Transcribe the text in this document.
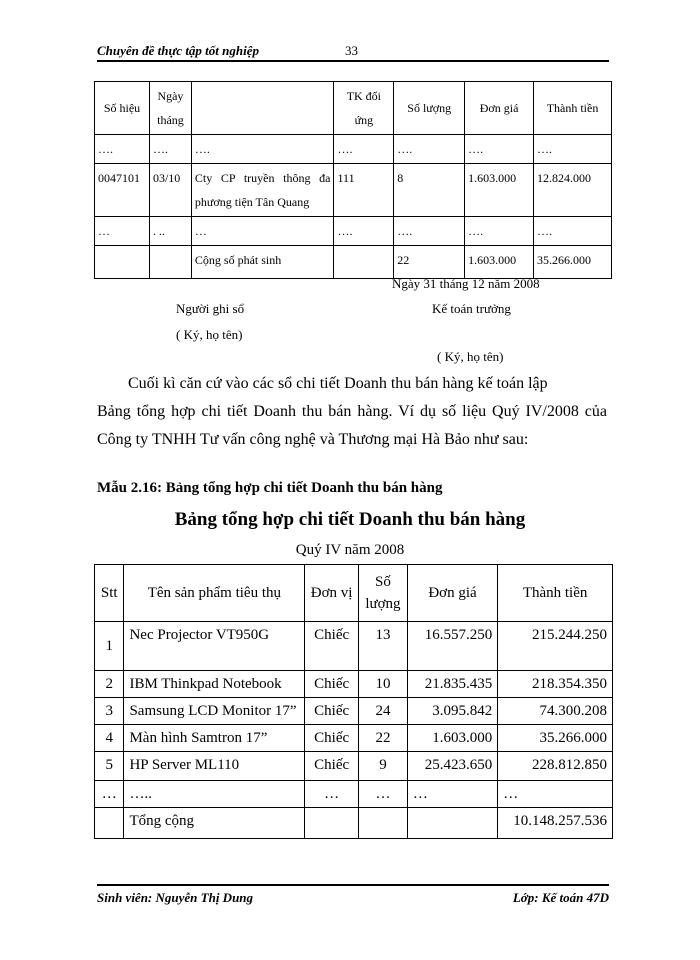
Chuyên đề thực tập tốt nghiệp	33
Số hiệu	Ngày tháng		TK đối ứng	Số lượng	Đơn giá	Thành tiền
….	….	….	….	….	….	….
0047101	03/10	Cty CP truyền thông đa phương tiện Tân Quang	111	8	1.603.000	12.824.000
…	. ..	…	….	….	….	….
		Cộng số phát sinh		22	1.603.000	35.266.000
Ngày 31 tháng 12 năm 2008
Người ghi sổ	Kế toán trưởng
( Ký, họ tên)
( Ký, họ tên)
Cuối kì căn cứ vào các sổ chi tiết Doanh thu bán hàng kế toán lập
Bảng tổng hợp chi tiết Doanh thu bán hàng. Ví dụ số liệu Quý IV/2008 của
Công ty TNHH Tư vấn công nghệ và Thương mại Hà Bảo như sau:
Mẫu 2.16: Bảng tổng hợp chi tiết Doanh thu bán hàng
Bảng tổng hợp chi tiết Doanh thu bán hàng
Quý IV năm 2008
Stt	Tên sản phẩm tiêu thụ	Đơn vị	Số lượng	Đơn giá	Thành tiền
1	Nec Projector VT950G	Chiếc	13	16.557.250	215.244.250
2	IBM Thinkpad Notebook	Chiếc	10	21.835.435	218.354.350
3	Samsung LCD Monitor 17”	Chiếc	24	3.095.842	74.300.208
4	Màn hình Samtron 17”	Chiếc	22	1.603.000	35.266.000
5	HP Server ML110	Chiếc	9	25.423.650	228.812.850
…	…..	…	…	…	…
	Tổng cộng				10.148.257.536
Sinh viên: Nguyễn Thị Dung	Lớp: Kế toán 47D
